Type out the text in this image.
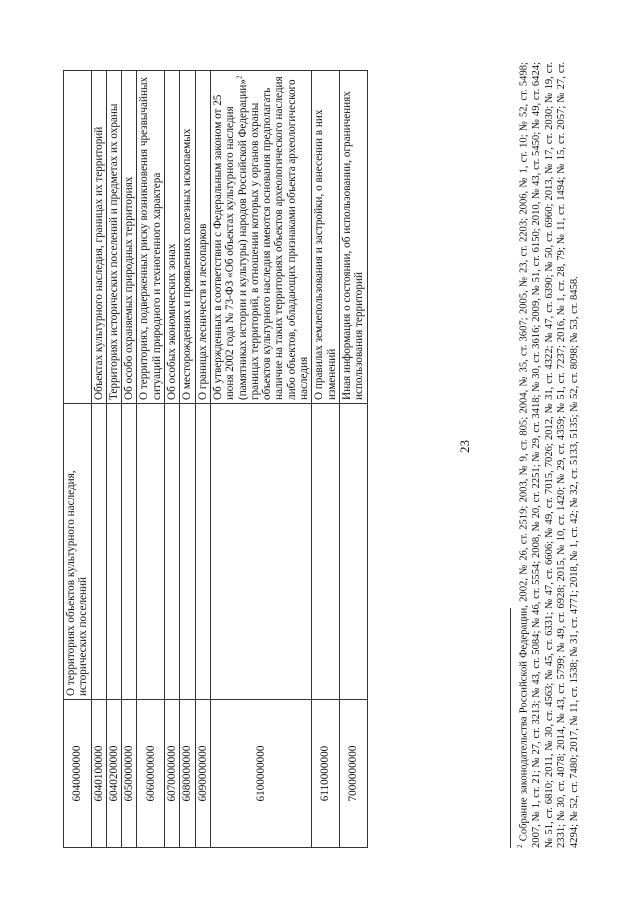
23
6040000000	О территориях объектов культурного наследия, исторических поселений	
6040100000		Объектах культурного наследия, границах их территорий
6040200000		Территориях исторических поселений и предметах их охраны
6050000000		Об особо охраняемых природных территориях
6060000000		О территориях, подверженных риску возникновения чрезвычайных ситуаций природного и техногенного характера
6070000000		Об особых экономических зонах
6080000000		О месторождениях и проявлениях полезных ископаемых
6090000000		О границах лесничеств и лесопарков
6100000000		Об утвержденных в соответствии с Федеральным законом от 25 июня 2002 года № 73-ФЗ «Об объектах культурного наследия (памятниках истории и культуры) народов Российской Федерации»$^2$ границах территорий, в отношении которых у органов охраны объектов культурного наследия имеются основания предполагать наличие на таких территориях объектов археологического наследия либо объектов, обладающих признаками объекта археологического наследия
6110000000		О правилах землепользования и застройки, о внесении в них изменений
7000000000		Иная информация о состоянии, об использовании, ограничениях использования территорий
$^2$ Собрание законодательства Российской Федерации, 2002, № 26, ст. 2519; 2003, № 9, ст. 805; 2004, № 35, ст. 3607; 2005, № 23, ст. 2203; 2006, № 1, ст. 10; № 52, ст. 5498; 2007, № 1, ст. 21; № 27, ст. 3213; № 43, ст. 5084; № 46, ст. 5554; 2008, № 20, ст. 2251; № 29, ст. 3418; № 30, ст. 3616; 2009, № 51, ст. 6150; 2010, № 43, ст. 5450; № 49, ст. 6424; № 51, ст. 6810; 2011, № 30, ст. 4563; № 45, ст. 6331; № 47, ст. 6606; № 49, ст. 7015, 7026; 2012, № 31, ст. 4322; № 47, ст. 6390; № 50, ст. 6960; 2013, № 17, ст. 2030; № 19, ст. 2331; № 30, ст. 4078; 2014, № 43, ст. 5799; № 49, ст. 6928; 2015, № 10, ст. 1420; № 29, ст. 4359; № 51, ст. 7237; 2016, № 1, ст. 28, 79; № 11, ст. 1494; № 15, ст. 2057; № 27, ст. 4294; № 52, ст. 7480; 2017, № 11, ст. 1538; № 31, ст. 4771; 2018, № 1, ст. 42; № 32, ст. 5133, 5135; № 52, ст. 8098; № 53, ст. 8458.
